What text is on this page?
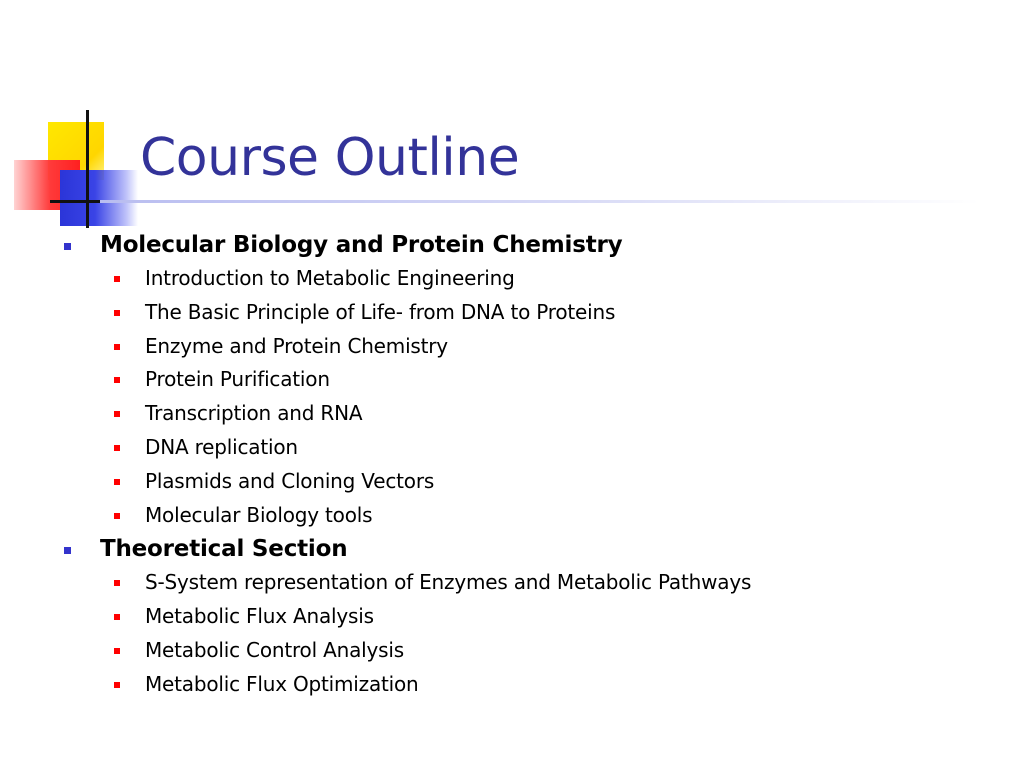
Course Outline
Molecular Biology and Protein Chemistry
Introduction to Metabolic Engineering
The Basic Principle of Life- from DNA to Proteins
Enzyme and Protein Chemistry
Protein Purification
Transcription and RNA
DNA replication
Plasmids and Cloning Vectors
Molecular Biology tools
Theoretical Section
S-System representation of Enzymes and Metabolic Pathways
Metabolic Flux Analysis
Metabolic Control Analysis
Metabolic Flux Optimization
